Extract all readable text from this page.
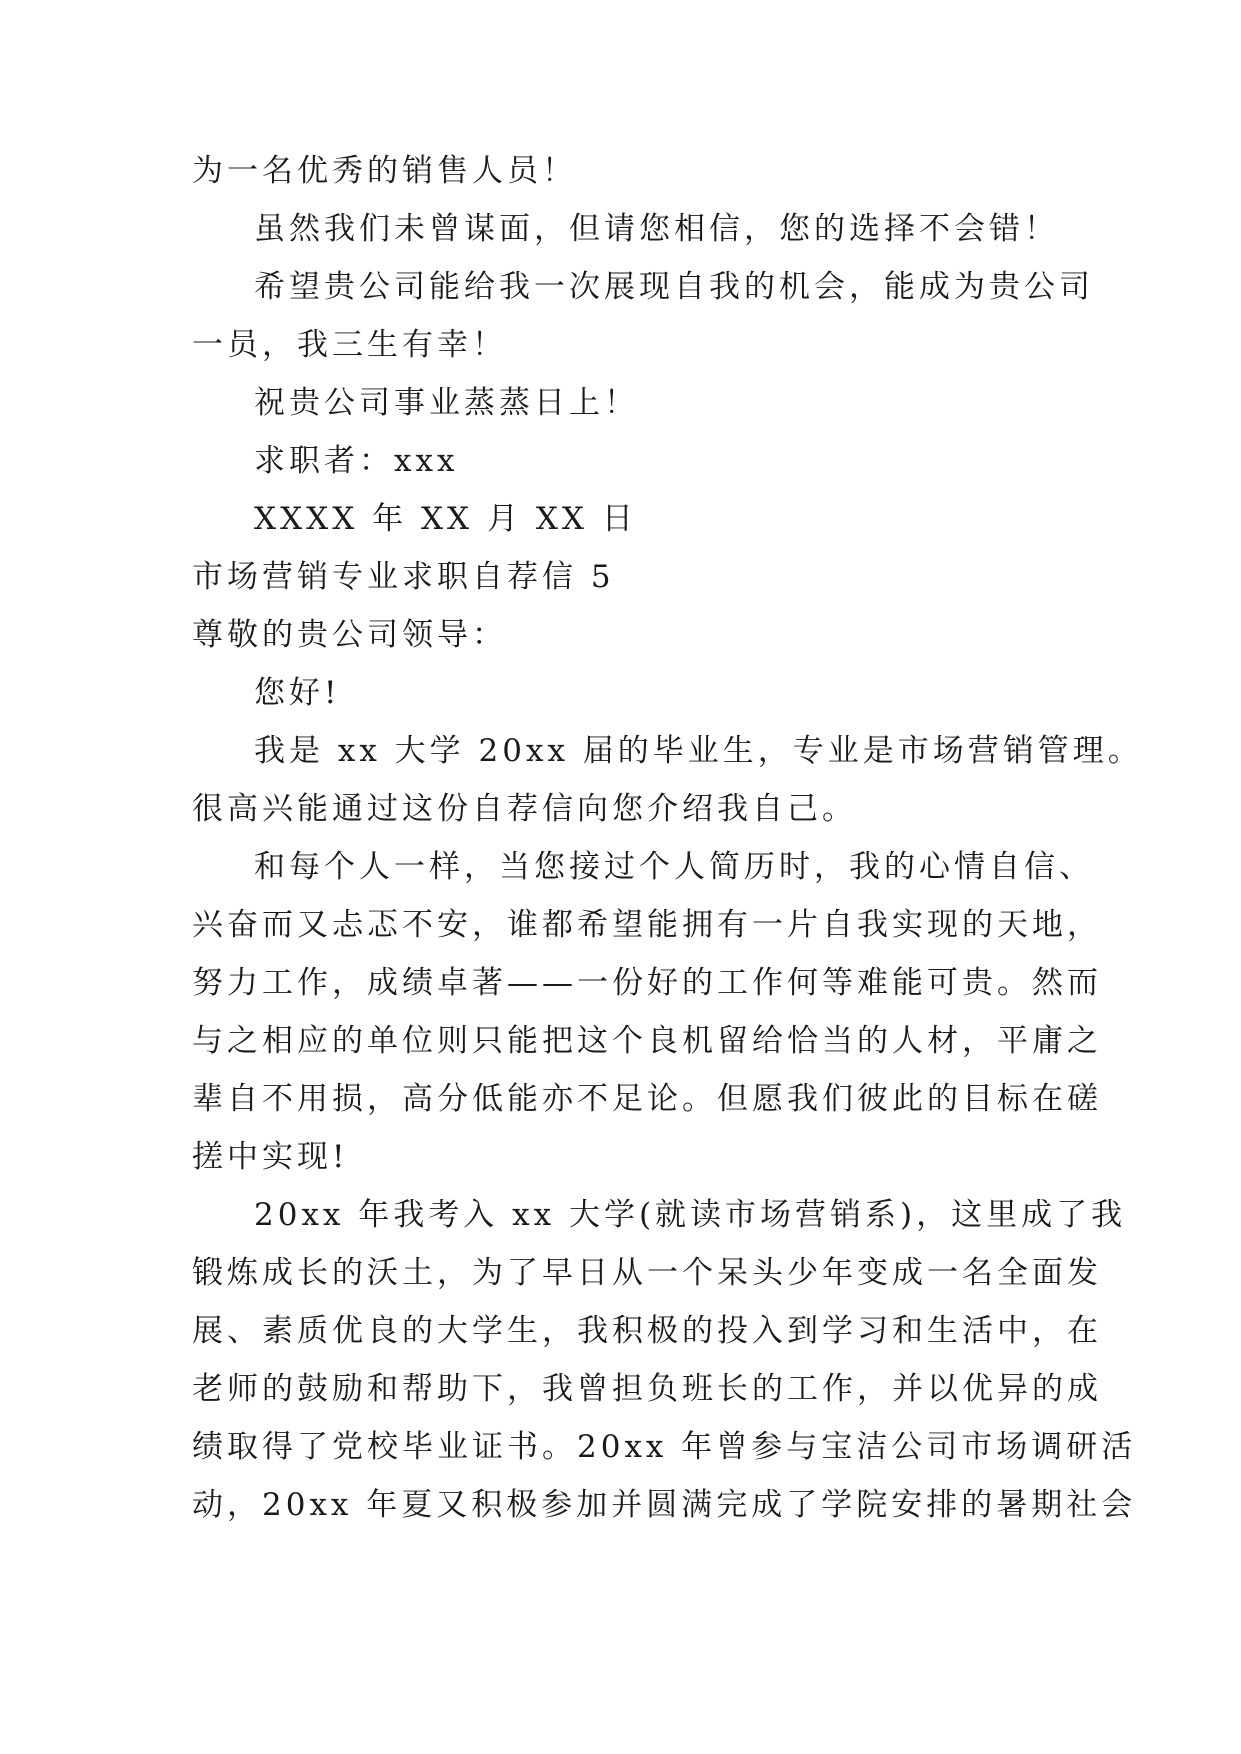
为一名优秀的销售人员！
虽然我们未曾谋面，但请您相信，您的选择不会错！
希望贵公司能给我一次展现自我的机会，能成为贵公司
一员，我三生有幸！
祝贵公司事业蒸蒸日上！
求职者：xxx
XXXX 年 XX 月 XX 日
市场营销专业求职自荐信 5
尊敬的贵公司领导：
您好!
我是 xx 大学 20xx 届的毕业生，专业是市场营销管理。
很高兴能通过这份自荐信向您介绍我自己。
和每个人一样，当您接过个人简历时，我的心情自信、
兴奋而又忐忑不安，谁都希望能拥有一片自我实现的天地，
努力工作，成绩卓著——一份好的工作何等难能可贵。然而
与之相应的单位则只能把这个良机留给恰当的人材，平庸之
辈自不用损，高分低能亦不足论。但愿我们彼此的目标在磋
搓中实现!
20xx 年我考入 xx 大学(就读市场营销系)，这里成了我
锻炼成长的沃土，为了早日从一个呆头少年变成一名全面发
展、素质优良的大学生，我积极的投入到学习和生活中，在
老师的鼓励和帮助下，我曾担负班长的工作，并以优异的成
绩取得了党校毕业证书。20xx 年曾参与宝洁公司市场调研活
动，20xx 年夏又积极参加并圆满完成了学院安排的暑期社会
